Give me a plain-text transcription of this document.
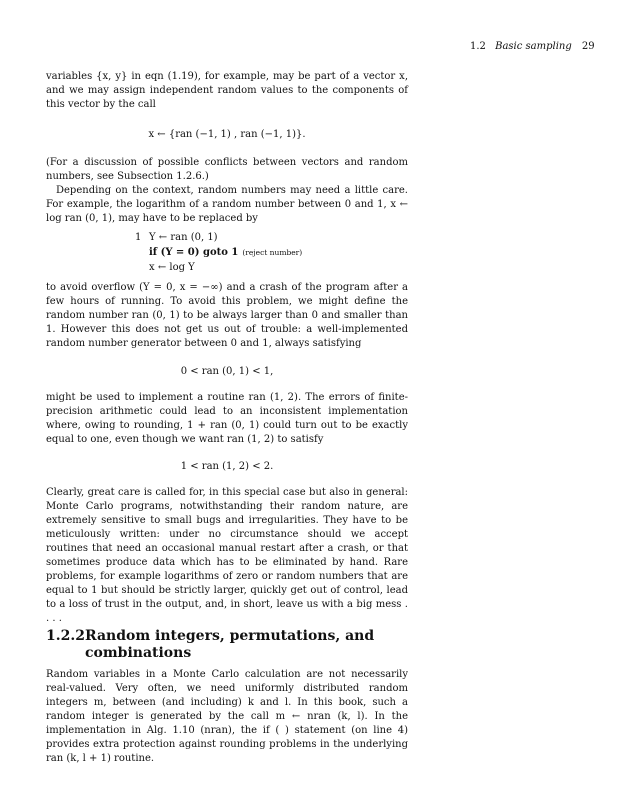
1.2 Basic sampling 29

variables {x, y} in eqn (1.19), for example, may be part of a vector x, and we may assign independent random values to the components of this vector by the call

x ← {ran (−1, 1) , ran (−1, 1)}.

(For a discussion of possible conflicts between vectors and random numbers, see Subsection 1.2.6.)

Depending on the context, random numbers may need a little care. For example, the logarithm of a random number between 0 and 1, x ← log ran (0, 1), may have to be replaced by

1 Υ ← ran (0, 1)
if (Υ = 0) goto 1 (reject number)
x ← log Υ

to avoid overflow (Υ = 0, x = −∞) and a crash of the program after a few hours of running. To avoid this problem, we might define the random number ran (0, 1) to be always larger than 0 and smaller than 1. However this does not get us out of trouble: a well-implemented random number generator between 0 and 1, always satisfying

0 < ran (0, 1) < 1,

might be used to implement a routine ran (1, 2). The errors of finite-precision arithmetic could lead to an inconsistent implementation where, owing to rounding, 1 + ran (0, 1) could turn out to be exactly equal to one, even though we want ran (1, 2) to satisfy

1 < ran (1, 2) < 2.

Clearly, great care is called for, in this special case but also in general: Monte Carlo programs, notwithstanding their random nature, are extremely sensitive to small bugs and irregularities. They have to be meticulously written: under no circumstance should we accept routines that need an occasional manual restart after a crash, or that sometimes produce data which has to be eliminated by hand. Rare problems, for example logarithms of zero or random numbers that are equal to 1 but should be strictly larger, quickly get out of control, lead to a loss of trust in the output, and, in short, leave us with a big mess . . . .

1.2.2 Random integers, permutations, and combinations

Random variables in a Monte Carlo calculation are not necessarily real-valued. Very often, we need uniformly distributed random integers m, between (and including) k and l. In this book, such a random integer is generated by the call m ← nran (k, l). In the implementation in Alg. 1.10 (nran), the if ( ) statement (on line 4) provides extra protection against rounding problems in the underlying ran (k, l + 1) routine.
